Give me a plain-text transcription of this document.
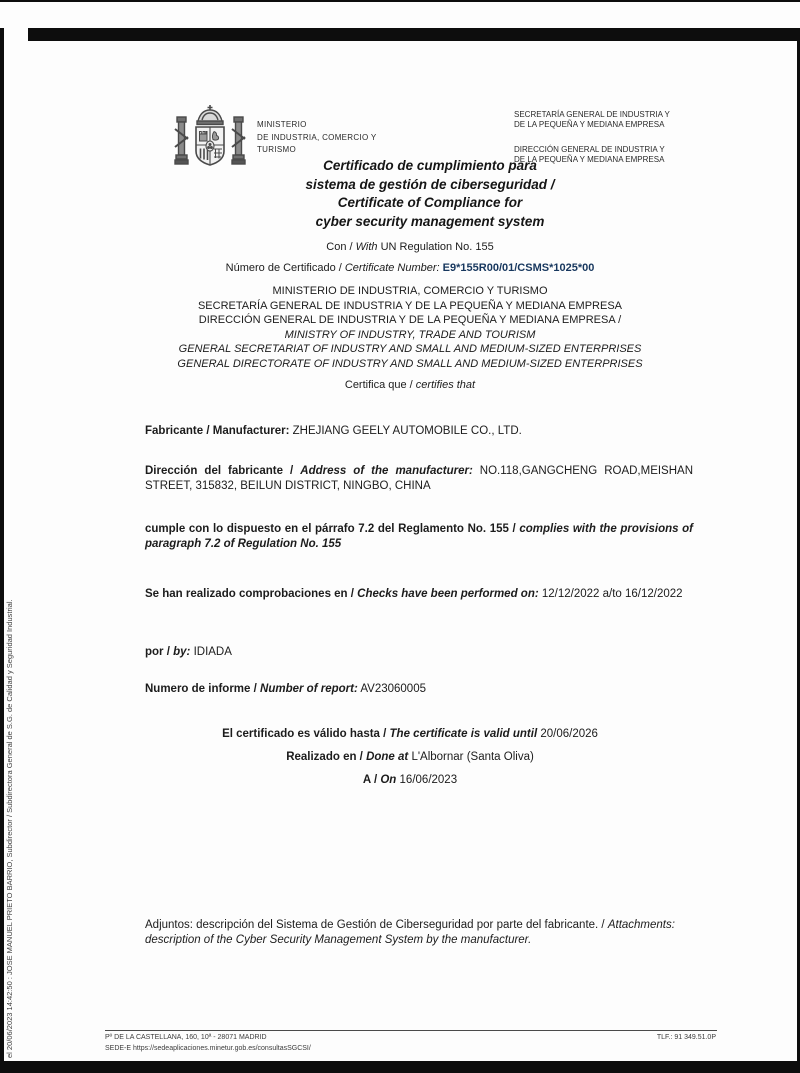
el 20/06/2023 14:42:50 : JOSE MANUEL PRIETO BARRIO, Subdirector / Subdirectora General de S.G. de Calidad y Seguridad Industrial.
MINISTERIO
DE INDUSTRIA, COMERCIO Y
TURISMO
SECRETARÍA GENERAL DE INDUSTRIA Y
DE LA PEQUEÑA Y MEDIANA EMPRESA
DIRECCIÓN GENERAL DE INDUSTRIA Y
DE LA PEQUEÑA Y MEDIANA EMPRESA
Certificado de cumplimiento para
sistema de gestión de ciberseguridad /
Certificate of Compliance for
cyber security management system
Con / With UN Regulation No. 155
Número de Certificado / Certificate Number: E9*155R00/01/CSMS*1025*00
MINISTERIO DE INDUSTRIA, COMERCIO Y TURISMO
SECRETARÍA GENERAL DE INDUSTRIA Y DE LA PEQUEÑA Y MEDIANA EMPRESA
DIRECCIÓN GENERAL DE INDUSTRIA Y DE LA PEQUEÑA Y MEDIANA EMPRESA /
MINISTRY OF INDUSTRY, TRADE AND TOURISM
GENERAL SECRETARIAT OF INDUSTRY AND SMALL AND MEDIUM-SIZED ENTERPRISES
GENERAL DIRECTORATE OF INDUSTRY AND SMALL AND MEDIUM-SIZED ENTERPRISES
Certifica que / certifies that
Fabricante / Manufacturer: ZHEJIANG GEELY AUTOMOBILE CO., LTD.
Dirección del fabricante / Address of the manufacturer: NO.118,GANGCHENG ROAD,MEISHAN STREET, 315832, BEILUN DISTRICT, NINGBO, CHINA
cumple con lo dispuesto en el párrafo 7.2 del Reglamento No. 155 / complies with the provisions of paragraph 7.2 of Regulation No. 155
Se han realizado comprobaciones en / Checks have been performed on: 12/12/2022 a/to 16/12/2022
por / by: IDIADA
Numero de informe / Number of report: AV23060005
El certificado es válido hasta / The certificate is valid until 20/06/2026
Realizado en / Done at L'Albornar (Santa Oliva)
A / On 16/06/2023
Adjuntos: descripción del Sistema de Gestión de Ciberseguridad por parte del fabricante. / Attachments: description of the Cyber Security Management System by the manufacturer.
Pº DE LA CASTELLANA, 160, 10ª - 28071 MADRID
SEDE-E https://sedeaplicaciones.minetur.gob.es/consultasSGCSI/
TLF.: 91 349.51.0P
